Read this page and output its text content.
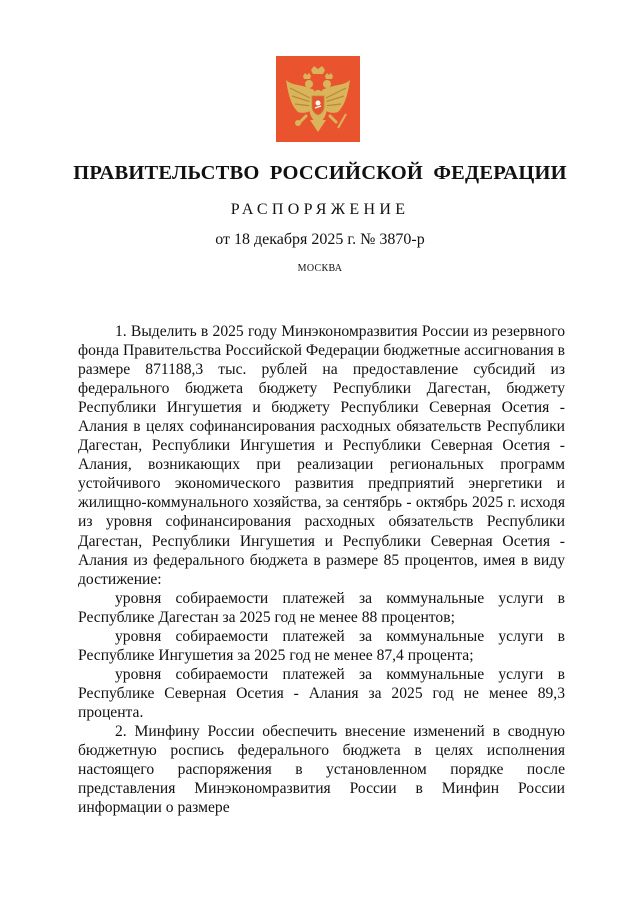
ПРАВИТЕЛЬСТВО РОССИЙСКОЙ ФЕДЕРАЦИИ
РАСПОРЯЖЕНИЕ
от 18 декабря 2025 г. № 3870-р
МОСКВА

1. Выделить в 2025 году Минэкономразвития России из резервного фонда Правительства Российской Федерации бюджетные ассигнования в размере 871188,3 тыс. рублей на предоставление субсидий из федерального бюджета бюджету Республики Дагестан, бюджету Республики Ингушетия и бюджету Республики Северная Осетия - Алания в целях софинансирования расходных обязательств Республики Дагестан, Республики Ингушетия и Республики Северная Осетия - Алания, возникающих при реализации региональных программ устойчивого экономического развития предприятий энергетики и жилищно-коммунального хозяйства, за сентябрь - октябрь 2025 г. исходя из уровня софинансирования расходных обязательств Республики Дагестан, Республики Ингушетия и Республики Северная Осетия - Алания из федерального бюджета в размере 85 процентов, имея в виду достижение:

уровня собираемости платежей за коммунальные услуги в Республике Дагестан за 2025 год не менее 88 процентов;

уровня собираемости платежей за коммунальные услуги в Республике Ингушетия за 2025 год не менее 87,4 процента;

уровня собираемости платежей за коммунальные услуги в Республике Северная Осетия - Алания за 2025 год не менее 89,3 процента.

2. Минфину России обеспечить внесение изменений в сводную бюджетную роспись федерального бюджета в целях исполнения настоящего распоряжения в установленном порядке после представления Минэкономразвития России в Минфин России информации о размере
